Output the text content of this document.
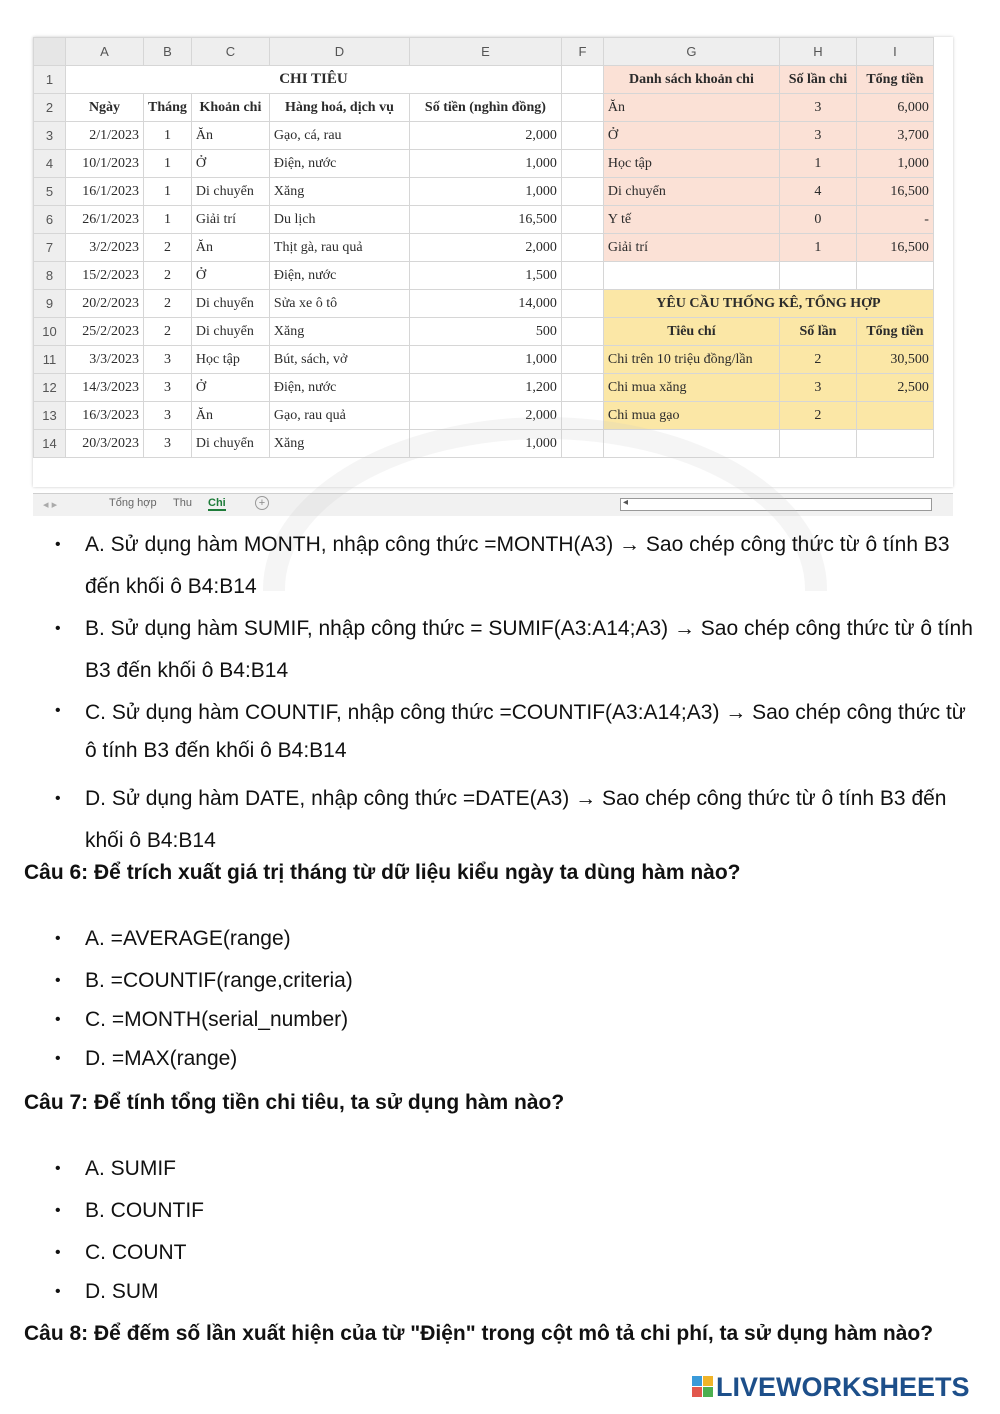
	A	B	C	D	E	F	G	H	I
1	CHI TIÊU						Danh sách khoản chi	Số lần chi	Tổng tiền
2	Ngày	Tháng	Khoản chi	Hàng hoá, dịch vụ	Số tiền (nghìn đồng)		Ăn	3	6,000
3	2/1/2023	1	Ăn	Gạo, cá, rau	2,000		Ở	3	3,700
4	10/1/2023	1	Ở	Điện, nước	1,000		Học tập	1	1,000
5	16/1/2023	1	Di chuyển	Xăng	1,000		Di chuyển	4	16,500
6	26/1/2023	1	Giải trí	Du lịch	16,500		Y tế	0	-
7	3/2/2023	2	Ăn	Thịt gà, rau quả	2,000		Giải trí	1	16,500
8	15/2/2023	2	Ở	Điện, nước	1,500				
9	20/2/2023	2	Di chuyển	Sửa xe ô tô	14,000		YÊU CẦU THỐNG KÊ, TỔNG HỢP		
10	25/2/2023	2	Di chuyển	Xăng	500		Tiêu chí	Số lần	Tổng tiền
11	3/3/2023	3	Học tập	Bút, sách, vở	1,000		Chi trên 10 triệu đồng/lần	2	30,500
12	14/3/2023	3	Ở	Điện, nước	1,200		Chi mua xăng	3	2,500
13	16/3/2023	3	Ăn	Gạo, rau quả	2,000		Chi mua gạo	2	
14	20/3/2023	3	Di chuyển	Xăng	1,000				
◂ ▸	Tổng hợp Thu Chi	+	◂
• A. Sử dụng hàm MONTH, nhập công thức =MONTH(A3) → Sao chép công thức từ ô tính B3 đến khối ô B4:B14
• B. Sử dụng hàm SUMIF, nhập công thức = SUMIF(A3:A14;A3) → Sao chép công thức từ ô tính B3 đến khối ô B4:B14
• C. Sử dụng hàm COUNTIF, nhập công thức =COUNTIF(A3:A14;A3) → Sao chép công thức từ ô tính B3 đến khối ô B4:B14
• D. Sử dụng hàm DATE, nhập công thức =DATE(A3) → Sao chép công thức từ ô tính B3 đến khối ô B4:B14
Câu 6: Để trích xuất giá trị tháng từ dữ liệu kiểu ngày ta dùng hàm nào?
• A. =AVERAGE(range)
• B. =COUNTIF(range,criteria)
• C. =MONTH(serial_number)
• D. =MAX(range)
Câu 7: Để tính tổng tiền chi tiêu, ta sử dụng hàm nào?
• A. SUMIF
• B. COUNTIF
• C. COUNT
• D. SUM
Câu 8: Để đếm số lần xuất hiện của từ "Điện" trong cột mô tả chi phí, ta sử dụng hàm nào?
LIVEWORKSHEETS
